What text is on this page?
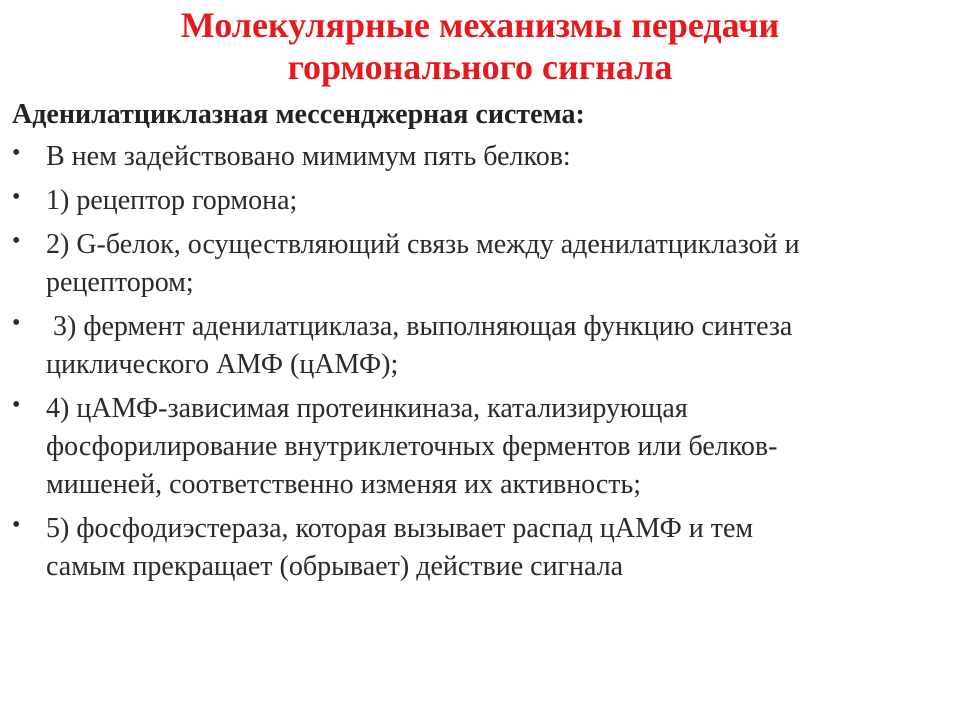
Молекулярные механизмы передачи
гормонального сигнала
Аденилатциклазная мессенджерная система:
• В нем задействовано мимимум пять белков:
• 1) рецептор гормона;
• 2) G-белок, осуществляющий связь между аденилатциклазой и
рецептором;
• 3) фермент аденилатциклаза, выполняющая функцию синтеза
циклического АМФ (цАМФ);
• 4) цАМФ-зависимая протеинкиназа, катализирующая
фосфорилирование внутриклеточных ферментов или белков-
мишеней, соответственно изменяя их активность;
• 5) фосфодиэстераза, которая вызывает распад цАМФ и тем
самым прекращает (обрывает) действие сигнала
